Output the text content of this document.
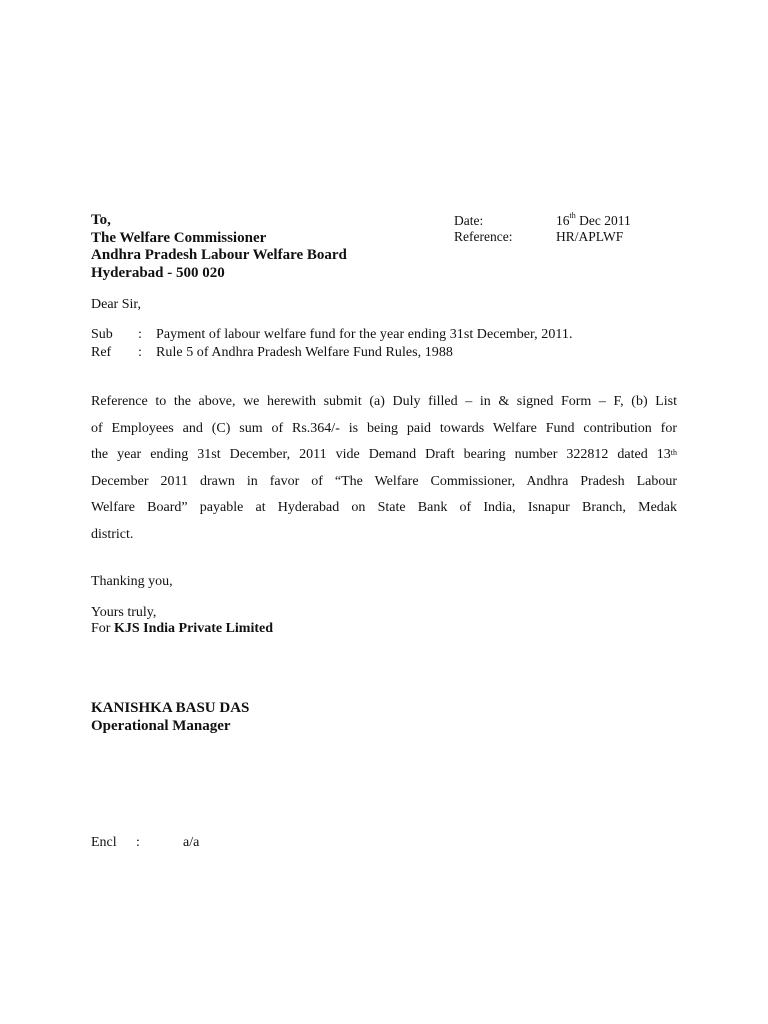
To,
The Welfare Commissioner
Andhra Pradesh Labour Welfare Board
Hyderabad - 500 020
Date:	16th Dec 2011
Reference:	HR/APLWF
Dear Sir,
Sub : Payment of labour welfare fund for the year ending 31st December, 2011.
Ref : Rule 5 of Andhra Pradesh Welfare Fund Rules, 1988
Reference to the above, we herewith submit (a) Duly filled – in & signed Form – F, (b) List
of Employees and (C) sum of Rs.364/- is being paid towards Welfare Fund contribution for
the year ending 31st December, 2011 vide Demand Draft bearing number 322812 dated 13th
December 2011 drawn in favor of “The Welfare Commissioner, Andhra Pradesh Labour
Welfare Board” payable at Hyderabad on State Bank of India, Isnapur Branch, Medak
district.
Thanking you,
Yours truly,
For KJS India Private Limited
KANISHKA BASU DAS
Operational Manager
Encl :	a/a
